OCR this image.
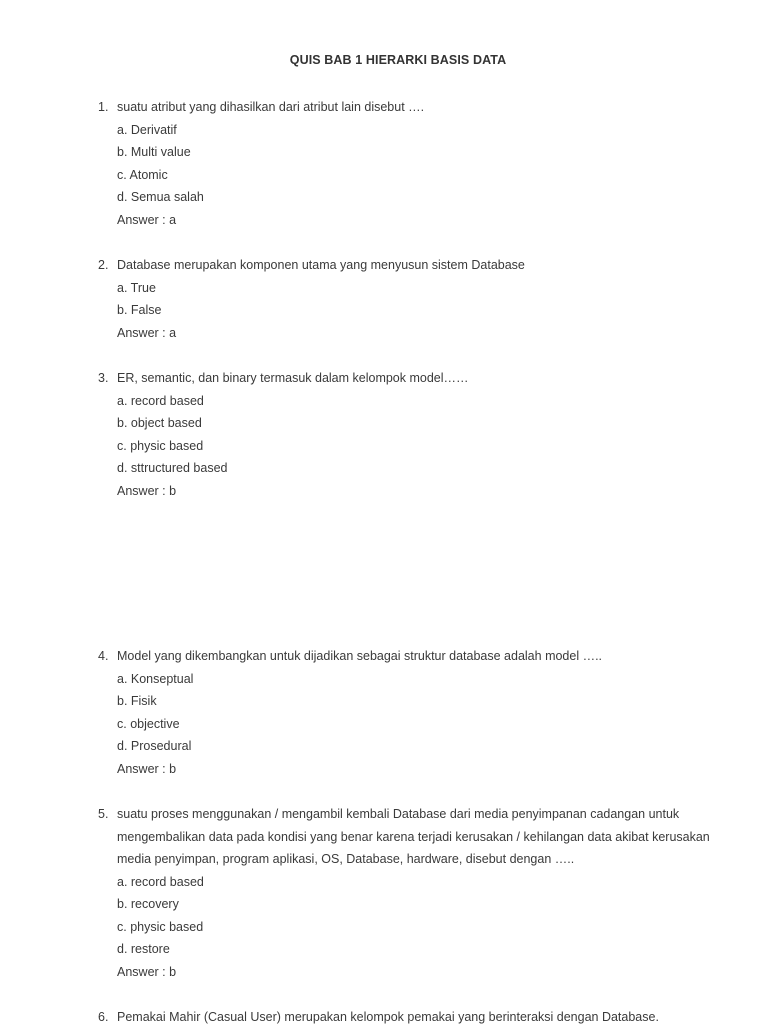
QUIS BAB 1 HIERARKI BASIS DATA
1. suatu atribut yang dihasilkan dari atribut lain disebut ….
a. Derivatif
b. Multi value
c. Atomic
d. Semua salah
Answer : a
2. Database merupakan komponen utama yang menyusun sistem Database
a. True
b. False
Answer : a
3. ER, semantic, dan binary termasuk dalam kelompok model……
a. record based
b. object based
c. physic based
d. sttructured based
Answer : b
4. Model yang dikembangkan untuk dijadikan sebagai struktur database adalah model …..
a. Konseptual
b. Fisik
c. objective
d. Prosedural
Answer : b
5. suatu proses menggunakan / mengambil kembali Database dari media penyimpanan cadangan untuk mengembalikan data pada kondisi yang benar karena terjadi kerusakan / kehilangan data akibat kerusakan media penyimpan, program aplikasi, OS, Database, hardware, disebut dengan …..
a. record based
b. recovery
c. physic based
d. restore
Answer : b
6. Pemakai Mahir (Casual User) merupakan kelompok pemakai yang berinteraksi dengan Database.
